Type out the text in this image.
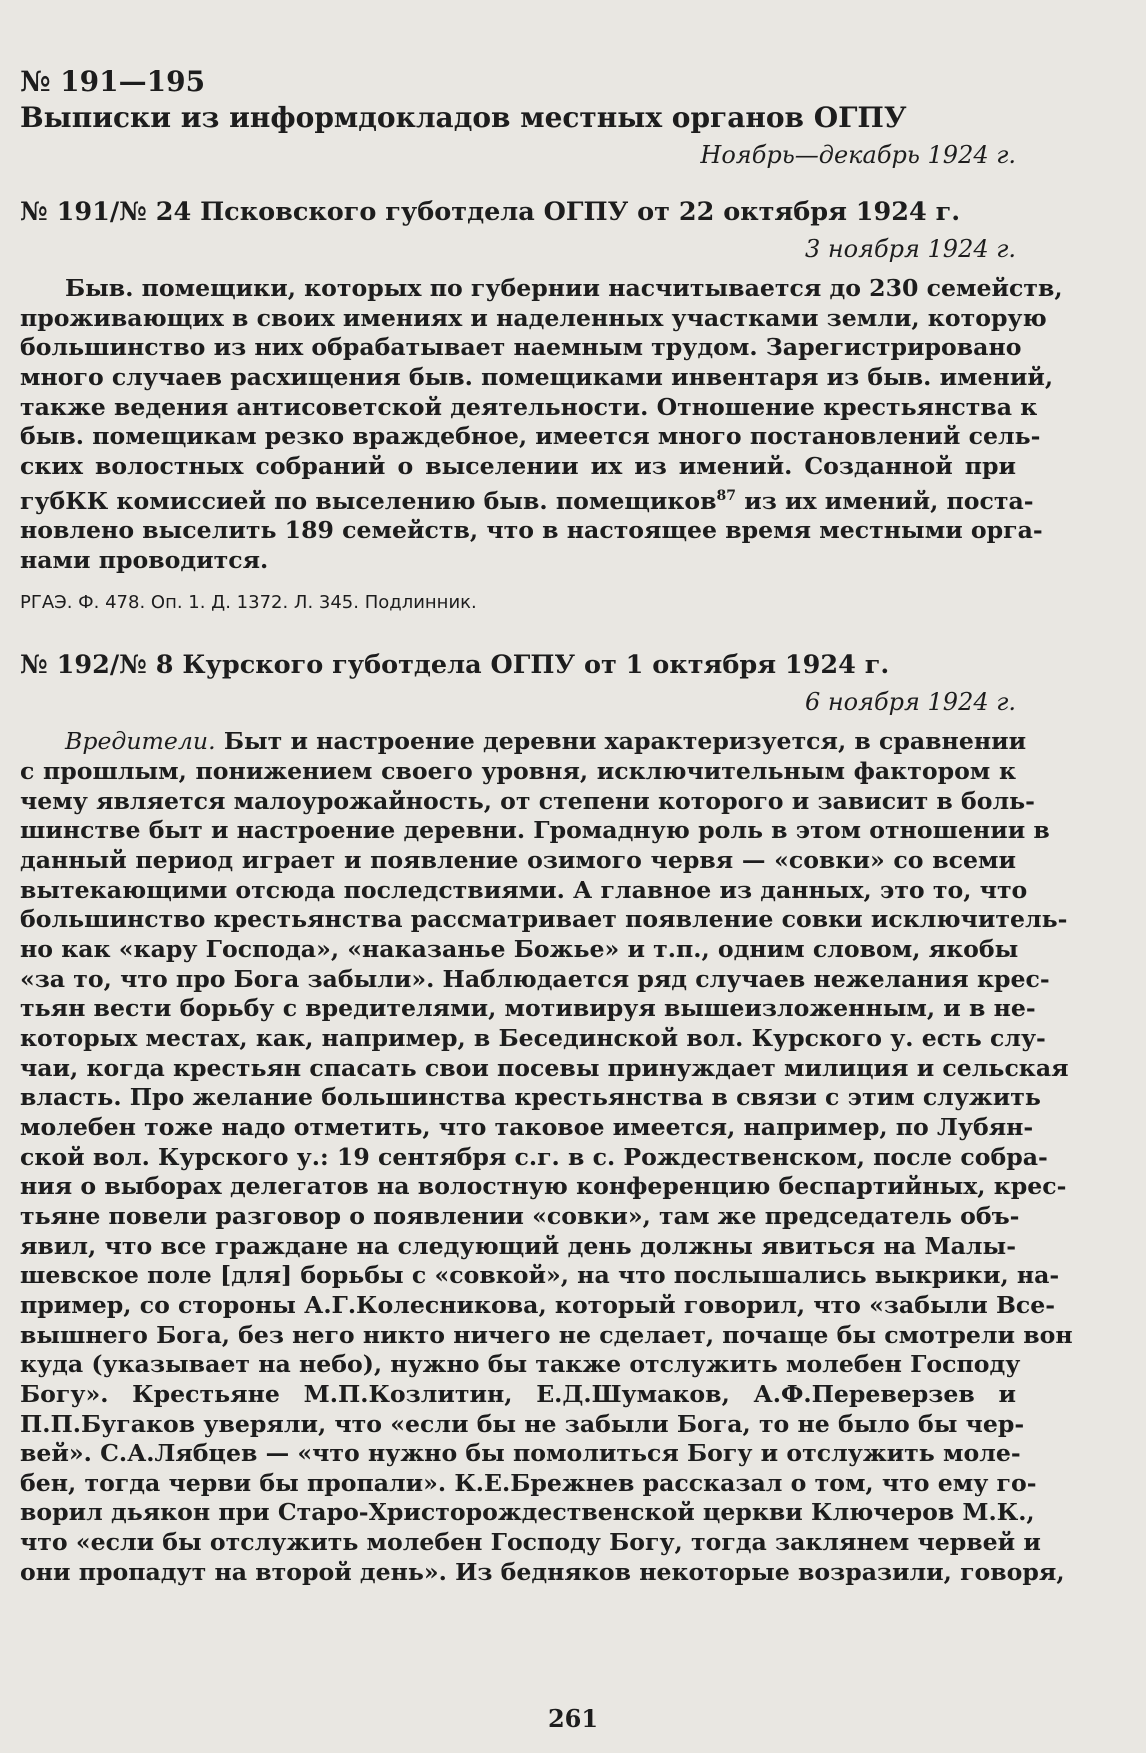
№ 191—195
Выписки из информдокладов местных органов ОГПУ
Ноябрь—декабрь 1924 г.
№ 191/№ 24 Псковского губотдела ОГПУ от 22 октября 1924 г.
3 ноября 1924 г.
Быв. помещики, которых по губернии насчитывается до 230 семейств,
проживающих в своих имениях и наделенных участками земли, которую
большинство из них обрабатывает наемным трудом. Зарегистрировано
много случаев расхищения быв. помещиками инвентаря из быв. имений,
также ведения антисоветской деятельности. Отношение крестьянства к
быв. помещикам резко враждебное, имеется много постановлений сель-
ских волостных собраний о выселении их из имений. Созданной при
губКК комиссией по выселению быв. помещиков$^{87}$ из их имений, поста-
новлено выселить 189 семейств, что в настоящее время местными орга-
нами проводится.
РГАЭ. Ф. 478. Оп. 1. Д. 1372. Л. 345. Подлинник.
№ 192/№ 8 Курского губотдела ОГПУ от 1 октября 1924 г.
6 ноября 1924 г.
Вредители. Быт и настроение деревни характеризуется, в сравнении
с прошлым, понижением своего уровня, исключительным фактором к
чему является малоурожайность, от степени которого и зависит в боль-
шинстве быт и настроение деревни. Громадную роль в этом отношении в
данный период играет и появление озимого червя — «совки» со всеми
вытекающими отсюда последствиями. А главное из данных, это то, что
большинство крестьянства рассматривает появление совки исключитель-
но как «кару Господа», «наказанье Божье» и т.п., одним словом, якобы
«за то, что про Бога забыли». Наблюдается ряд случаев нежелания крес-
тьян вести борьбу с вредителями, мотивируя вышеизложенным, и в не-
которых местах, как, например, в Бесединской вол. Курского у. есть слу-
чаи, когда крестьян спасать свои посевы принуждает милиция и сельская
власть. Про желание большинства крестьянства в связи с этим служить
молебен тоже надо отметить, что таковое имеется, например, по Лубян-
ской вол. Курского у.: 19 сентября с.г. в с. Рождественском, после собра-
ния о выборах делегатов на волостную конференцию беспартийных, крес-
тьяне повели разговор о появлении «совки», там же председатель объ-
явил, что все граждане на следующий день должны явиться на Малы-
шевское поле [для] борьбы с «совкой», на что послышались выкрики, на-
пример, со стороны А.Г.Колесникова, который говорил, что «забыли Все-
вышнего Бога, без него никто ничего не сделает, почаще бы смотрели вон
куда (указывает на небо), нужно бы также отслужить молебен Господу
Богу». Крестьяне М.П.Козлитин, Е.Д.Шумаков, А.Ф.Переверзев и
П.П.Бугаков уверяли, что «если бы не забыли Бога, то не было бы чер-
вей». С.А.Лябцев — «что нужно бы помолиться Богу и отслужить моле-
бен, тогда черви бы пропали». К.Е.Брежнев рассказал о том, что ему го-
ворил дьякон при Старо-Христорождественской церкви Ключеров М.К.,
что «если бы отслужить молебен Господу Богу, тогда заклянем червей и
они пропадут на второй день». Из бедняков некоторые возразили, говоря,
261
